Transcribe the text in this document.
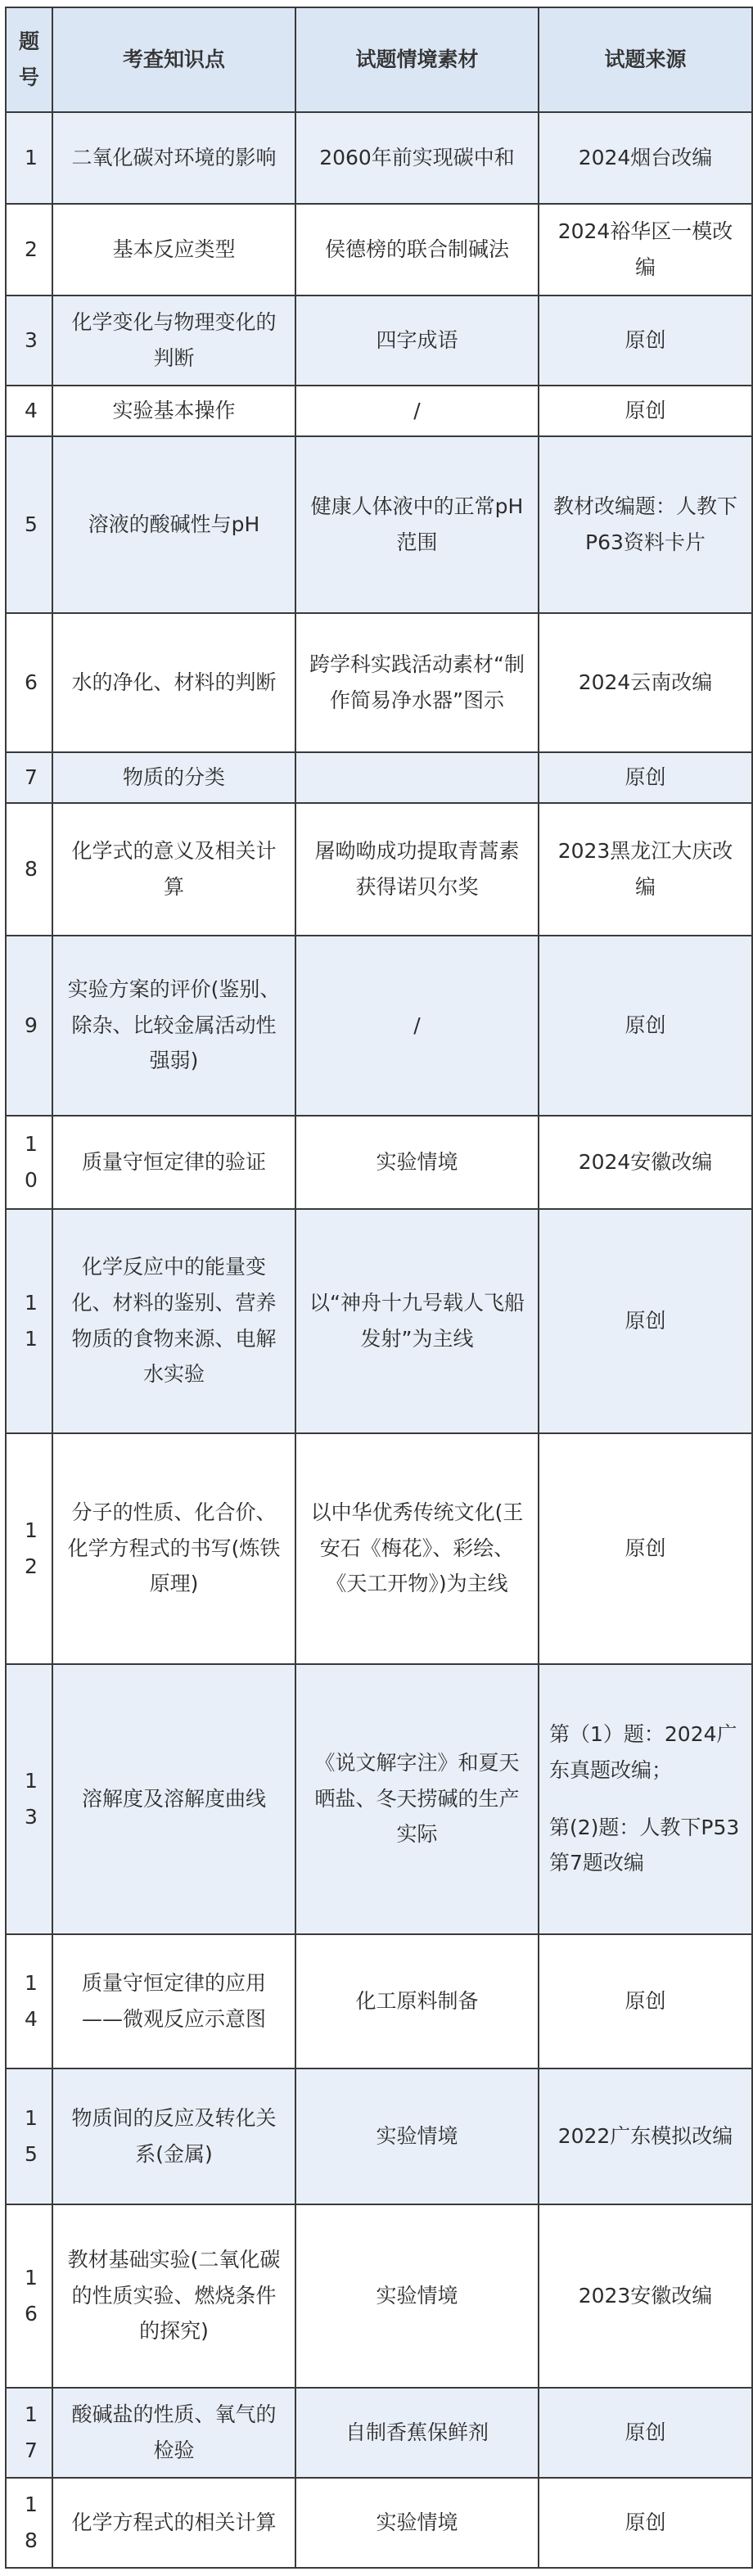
题号	考查知识点	试题情境素材	试题来源
1	二氧化碳对环境的影响	2060年前实现碳中和	2024烟台改编
2	基本反应类型	侯德榜的联合制碱法	2024裕华区一模改编
3	化学变化与物理变化的判断	四字成语	原创
4	实验基本操作	/	原创
5	溶液的酸碱性与pH	健康人体液中的正常pH范围	教材改编题：人教下P63资料卡片
6	水的净化、材料的判断	跨学科实践活动素材“制作简易净水器”图示	2024云南改编
7	物质的分类		原创
8	化学式的意义及相关计算	屠呦呦成功提取青蒿素获得诺贝尔奖	2023黑龙江大庆改编
9	实验方案的评价(鉴别、除杂、比较金属活动性强弱)	/	原创
10	质量守恒定律的验证	实验情境	2024安徽改编
11	化学反应中的能量变化、材料的鉴别、营养物质的食物来源、电解水实验	以“神舟十九号载人飞船发射”为主线	原创
12	分子的性质、化合价、化学方程式的书写(炼铁原理)	以中华优秀传统文化(王安石《梅花》、彩绘、《天工开物》)为主线	原创
13	溶解度及溶解度曲线	《说文解字注》和夏天晒盐、冬天捞碱的生产实际	第（1）题：2024广东真题改编；
第(2)题：人教下P53第7题改编

14	质量守恒定律的应用——微观反应示意图	化工原料制备	原创
15	物质间的反应及转化关系(金属)	实验情境	2022广东模拟改编
16	教材基础实验(二氧化碳的性质实验、燃烧条件的探究)	实验情境	2023安徽改编
17	酸碱盐的性质、氧气的检验	自制香蕉保鲜剂	原创
18	化学方程式的相关计算	实验情境	原创
